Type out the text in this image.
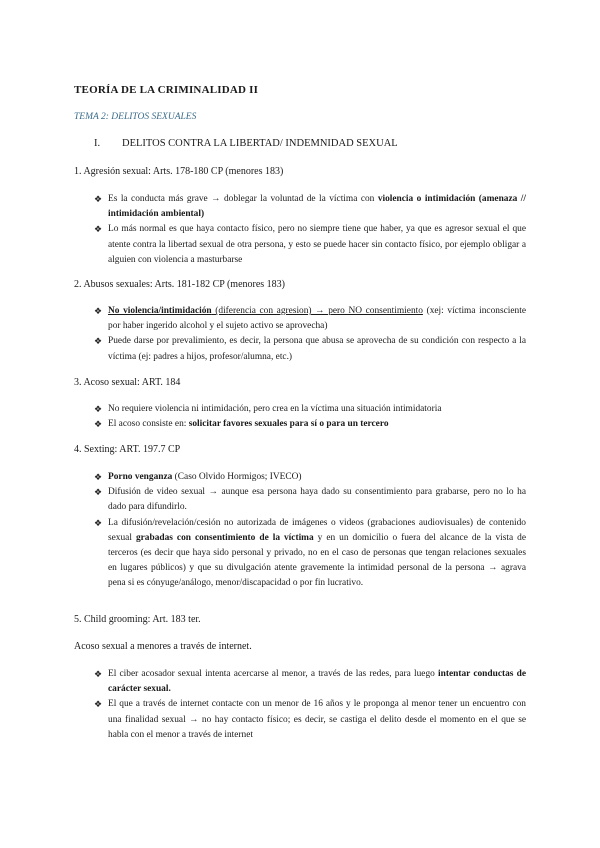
TEORÍA DE LA CRIMINALIDAD II
TEMA 2: DELITOS SEXUALES
I. DELITOS CONTRA LA LIBERTAD/ INDEMNIDAD SEXUAL
1. Agresión sexual: Arts. 178-180 CP (menores 183)

❖ Es la conducta más grave → doblegar la voluntad de la víctima con violencia o intimidación (amenaza // intimidación ambiental)

❖ Lo más normal es que haya contacto físico, pero no siempre tiene que haber, ya que es agresor sexual el que atente contra la libertad sexual de otra persona, y esto se puede hacer sin contacto físico, por ejemplo obligar a alguien con violencia a masturbarse

2. Abusos sexuales: Arts. 181-182 CP (menores 183)

❖ No violencia/intimidación (diferencia con agresion) → pero NO consentimiento (xej: víctima inconsciente por haber ingerido alcohol y el sujeto activo se aprovecha)

❖ Puede darse por prevalimiento, es decir, la persona que abusa se aprovecha de su condición con respecto a la víctima (ej: padres a hijos, profesor/alumna, etc.)

3. Acoso sexual: ART. 184

❖ No requiere violencia ni intimidación, pero crea en la víctima una situación intimidatoria

❖ El acoso consiste en: solicitar favores sexuales para sí o para un tercero

4. Sexting: ART. 197.7 CP

❖ Porno venganza (Caso Olvido Hormigos; IVECO)

❖ Difusión de video sexual → aunque esa persona haya dado su consentimiento para grabarse, pero no lo ha dado para difundirlo.

❖ La difusión/revelación/cesión no autorizada de imágenes o videos (grabaciones audiovisuales) de contenido sexual grabadas con consentimiento de la víctima y en un domicilio o fuera del alcance de la vista de terceros (es decir que haya sido personal y privado, no en el caso de personas que tengan relaciones sexuales en lugares públicos) y que su divulgación atente gravemente la intimidad personal de la persona → agrava pena si es cónyuge/análogo, menor/discapacidad o por fin lucrativo.

5. Child grooming: Art. 183 ter.
Acoso sexual a menores a través de internet.

❖ El ciber acosador sexual intenta acercarse al menor, a través de las redes, para luego intentar conductas de carácter sexual.

❖ El que a través de internet contacte con un menor de 16 años y le proponga al menor tener un encuentro con una finalidad sexual → no hay contacto físico; es decir, se castiga el delito desde el momento en el que se habla con el menor a través de internet
